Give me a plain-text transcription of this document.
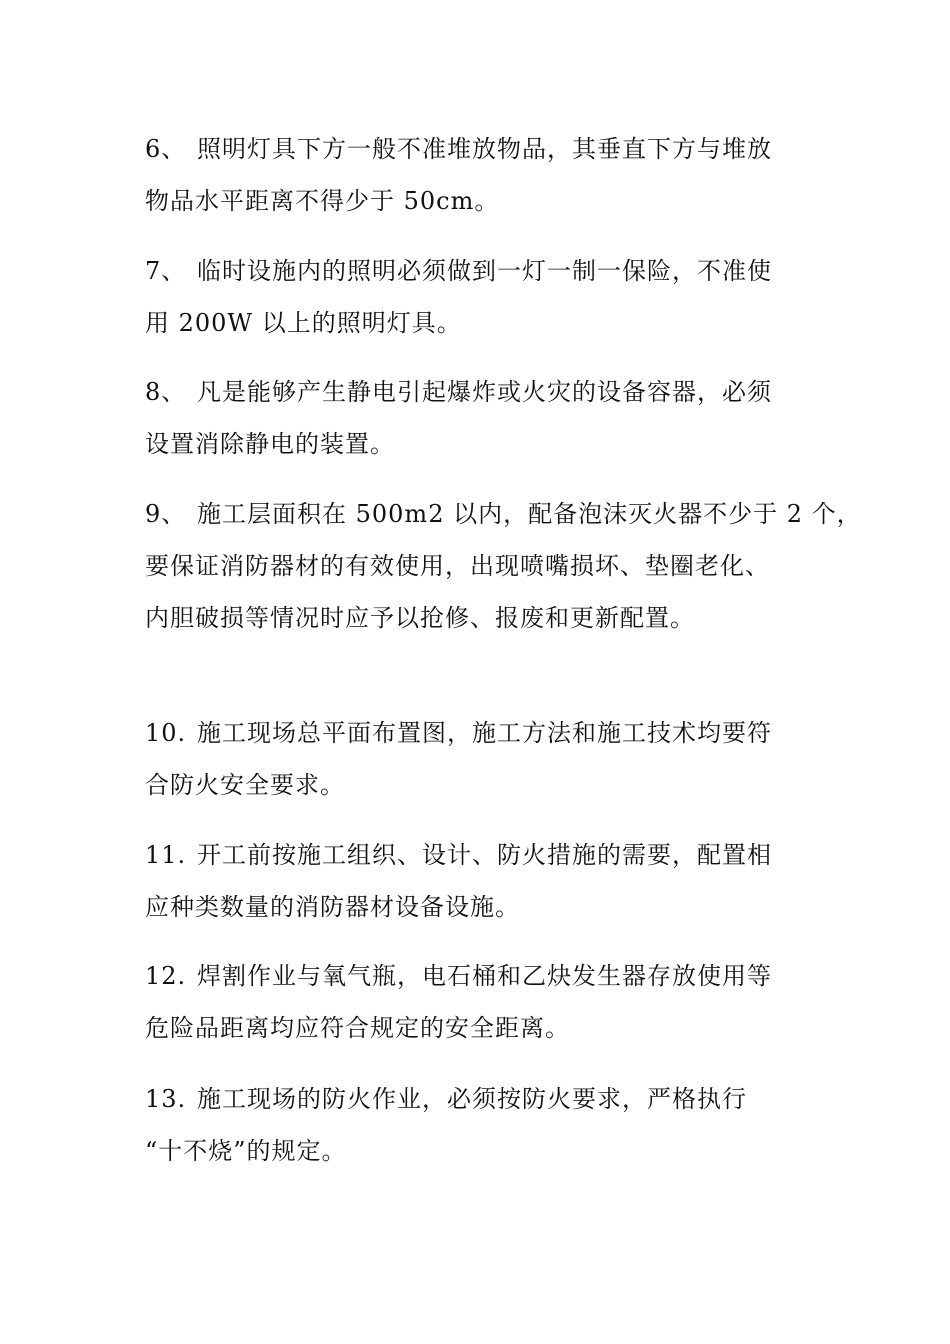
6、 照明灯具下方一般不准堆放物品，其垂直下方与堆放
物品水平距离不得少于 50cm。
7、 临时设施内的照明必须做到一灯一制一保险，不准使
用 200W 以上的照明灯具。
8、 凡是能够产生静电引起爆炸或火灾的设备容器，必须
设置消除静电的装置。
9、 施工层面积在 500m2 以内，配备泡沫灭火器不少于 2 个，
要保证消防器材的有效使用，出现喷嘴损坏、垫圈老化、
内胆破损等情况时应予以抢修、报废和更新配置。
10. 施工现场总平面布置图，施工方法和施工技术均要符
合防火安全要求。
11. 开工前按施工组织、设计、防火措施的需要，配置相
应种类数量的消防器材设备设施。
12. 焊割作业与氧气瓶，电石桶和乙炔发生器存放使用等
危险品距离均应符合规定的安全距离。
13. 施工现场的防火作业，必须按防火要求，严格执行
“十不烧”的规定。
